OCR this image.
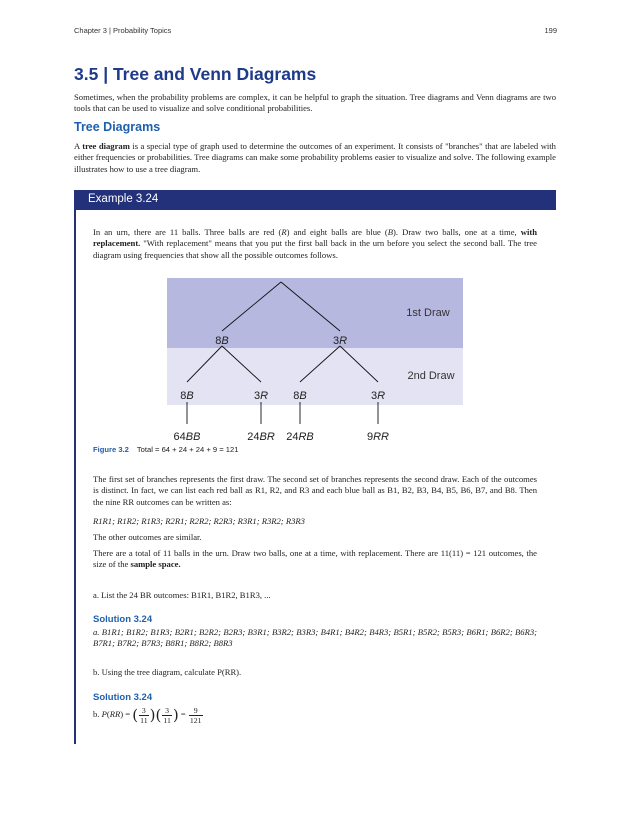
Chapter 3 | Probability Topics	199
3.5 | Tree and Venn Diagrams

Sometimes, when the probability problems are complex, it can be helpful to graph the situation. Tree diagrams and Venn diagrams are two tools that can be used to visualize and solve conditional probabilities.

Tree Diagrams

A tree diagram is a special type of graph used to determine the outcomes of an experiment. It consists of "branches" that are labeled with either frequencies or probabilities. Tree diagrams can make some probability problems easier to visualize and solve. The following example illustrates how to use a tree diagram.

Example 3.24

In an urn, there are 11 balls. Three balls are red (R) and eight balls are blue (B). Draw two balls, one at a time, with replacement. "With replacement" means that you put the first ball back in the urn before you select the second ball. The tree diagram using frequencies that show all the possible outcomes follows.

1st Draw
2nd Draw
8B	3R
8B	3R 8B	3R
64BB	24BR 24RB	9RR
Figure 3.2 Total = 64 + 24 + 24 + 9 = 121

The first set of branches represents the first draw. The second set of branches represents the second draw. Each of the outcomes is distinct. In fact, we can list each red ball as R1, R2, and R3 and each blue ball as B1, B2, B3, B4, B5, B6, B7, and B8. Then the nine RR outcomes can be written as:

R1R1; R1R2; R1R3; R2R1; R2R2; R2R3; R3R1; R3R2; R3R3

The other outcomes are similar.

There are a total of 11 balls in the urn. Draw two balls, one at a time, with replacement. There are 11(11) = 121 outcomes, the size of the sample space.

a. List the 24 BR outcomes: B1R1, B1R2, B1R3, ...

Solution 3.24

a. B1R1; B1R2; B1R3; B2R1; B2R2; B2R3; B3R1; B3R2; B3R3; B4R1; B4R2; B4R3; B5R1; B5R2; B5R3; B6R1; B6R2; B6R3; B7R1; B7R2; B7R3; B8R1; B8R2; B8R3

b. Using the tree diagram, calculate P(RR).

Solution 3.24
b. P(RR) = ( $\frac{3}{11}$ )( $\frac{3}{11}$ ) = $\frac{9}{121}$
